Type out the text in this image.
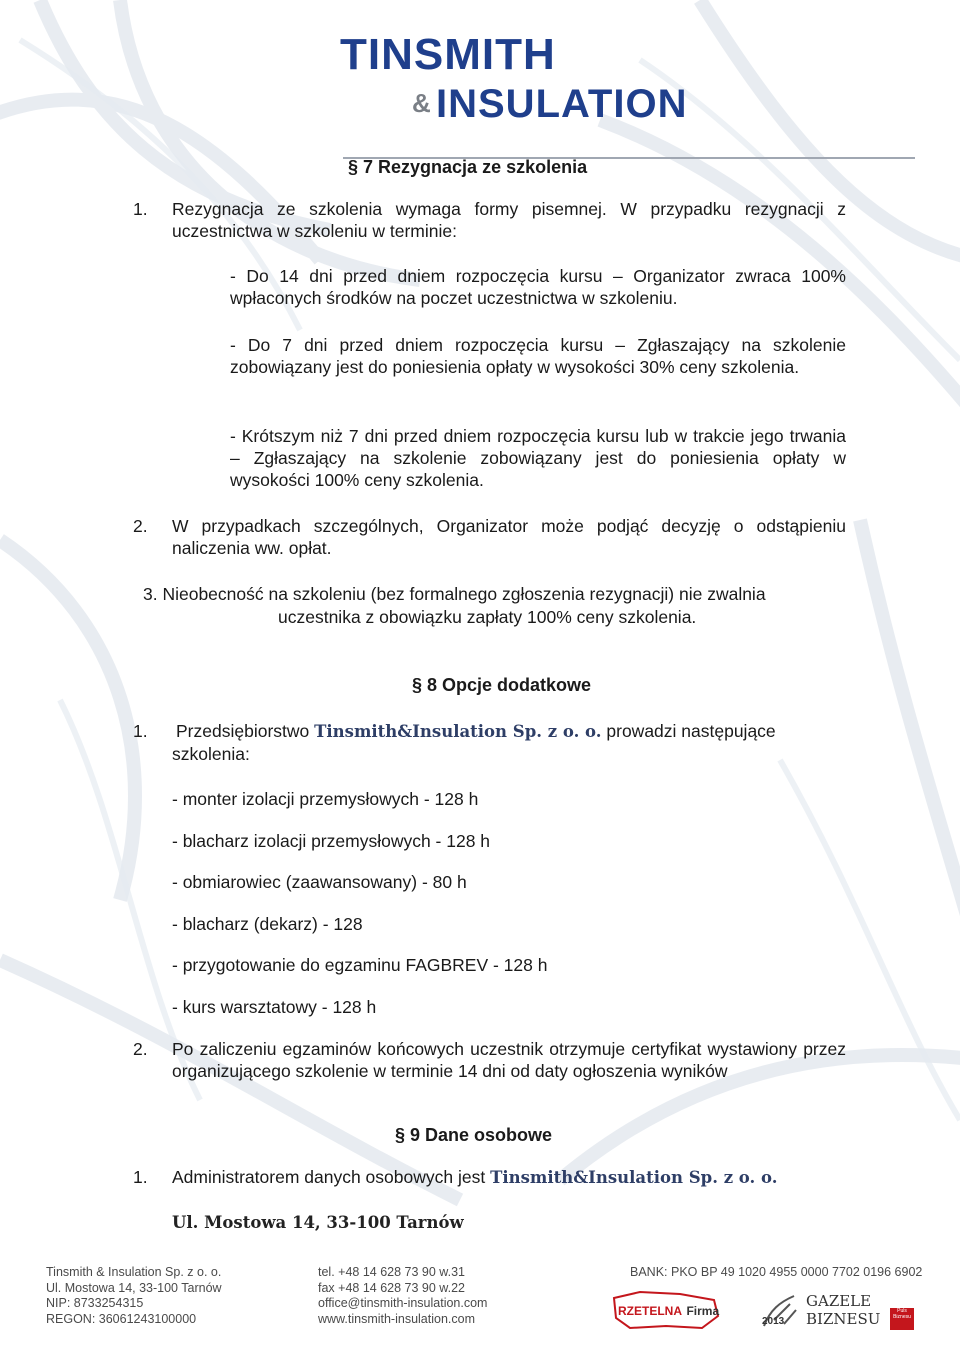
TINSMITH
& INSULATION
§ 7 Rezygnacja ze szkolenia
1. Rezygnacja ze szkolenia wymaga formy pisemnej. W przypadku rezygnacji z uczestnictwa w szkoleniu w terminie:
- Do 14 dni przed dniem rozpoczęcia kursu – Organizator zwraca 100% wpłaconych środków na poczet uczestnictwa w szkoleniu.
- Do 7 dni przed dniem rozpoczęcia kursu – Zgłaszający na szkolenie zobowiązany jest do poniesienia opłaty w wysokości 30% ceny szkolenia.
- Krótszym niż 7 dni przed dniem rozpoczęcia kursu lub w trakcie jego trwania – Zgłaszający na szkolenie zobowiązany jest do poniesienia opłaty w wysokości 100% ceny szkolenia.
2. W przypadkach szczególnych, Organizator może podjąć decyzję o odstąpieniu naliczenia ww. opłat.
3. Nieobecność na szkoleniu (bez formalnego zgłoszenia rezygnacji) nie zwalnia
uczestnika z obowiązku zapłaty 100% ceny szkolenia.
§ 8 Opcje dodatkowe
1. Przedsiębiorstwo Tinsmith&Insulation Sp. z o. o. prowadzi następujące
szkolenia:
- monter izolacji przemysłowych - 128 h
- blacharz izolacji przemysłowych - 128 h
- obmiarowiec (zaawansowany) - 80 h
- blacharz (dekarz) - 128
- przygotowanie do egzaminu FAGBREV - 128 h
- kurs warsztatowy - 128 h
2. Po zaliczeniu egzaminów końcowych uczestnik otrzymuje certyfikat wystawiony przez organizującego szkolenie w terminie 14 dni od daty ogłoszenia wyników
§ 9 Dane osobowe
1. Administratorem danych osobowych jest Tinsmith&Insulation Sp. z o. o.
Ul. Mostowa 14, 33-100 Tarnów
Tinsmith & Insulation Sp. z o. o.
Ul. Mostowa 14, 33-100 Tarnów
NIP: 8733254315
REGON: 36061243100000
tel. +48 14 628 73 90 w.31
fax +48 14 628 73 90 w.22
office@tinsmith-insulation.com
www.tinsmith-insulation.com
BANK: PKO BP 49 1020 4955 0000 7702 0196 6902
RZETELNA Firma
2013
GAZELE
BIZNESU	Puls Biznesu
